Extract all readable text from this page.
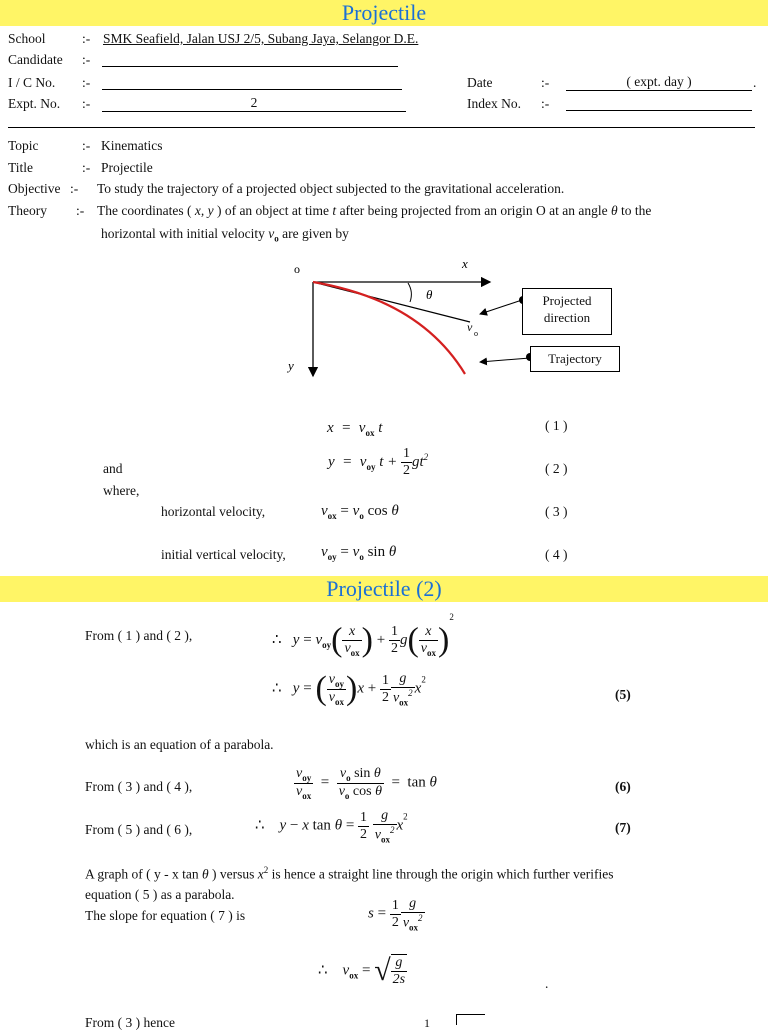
Projectile
School	:- SMK Seafield, Jalan USJ 2/5, Subang Jaya, Selangor D.E.
Candidate :-
I / C No. :-
Expt. No. :-	2
Date	:-	( expt. day )	.
Index No. :-
Topic	:- Kinematics
Title	:- Projectile
Objective :- To study the trajectory of a projected object subjected to the gravitational acceleration.
Theory :- The coordinates ( x, y ) of an object at time t after being projected from an origin O at an angle θ to the
horizontal with initial velocity $v_o$ are given by
o	x
y
θ
v o
Projected direction
Trajectory
$x = v_{ox}$ t	( 1 )
and	$y = v_{oy}$ $t + \frac{1}{2} gt^2$
( 2 )
where,
horizontal velocity,	$v_{ox} = v_o$ cos θ	( 3 )
initial vertical velocity, $v_{oy} = v_o$ sin θ	( 4 )
Projectile (2)
From ( 1 ) and ( 2 ),	∴ $y = v_{oy}( \frac{x}{v_{ox}}$ ) + $\frac{1}{2} g( \frac{x}{v_{ox}} )^2$
∴ y = ( $\frac{v_{oy}}{v_{ox}} )x + \frac{1}{2} \frac{g}{v_{ox}^2} x^2$
(5)
which is an equation of a parabola.
From ( 3 ) and ( 4 ),	$\frac{v_{oy}}{v_{ox}} = \frac{v_o \sin \theta}{v_o \cos \theta} = \tan \theta$	(6)
From ( 5 ) and ( 6 ),	∴ y − x $\tan \theta = \frac{1}{2}$
$\frac{g}{v_{ox}^2} x^2$
(7)
A graph of ( y - x tan θ ) versus $x^2$ is hence a straight line through the origin which further verifies
equation ( 5 ) as a parabola.
The slope for equation ( 7 ) is	$s = \frac{1}{2} \frac{g}{v_{ox}^2}$
∴ $v_{ox}$ = √ $\frac{g}{2s}$	.
From ( 3 ) hence	1
